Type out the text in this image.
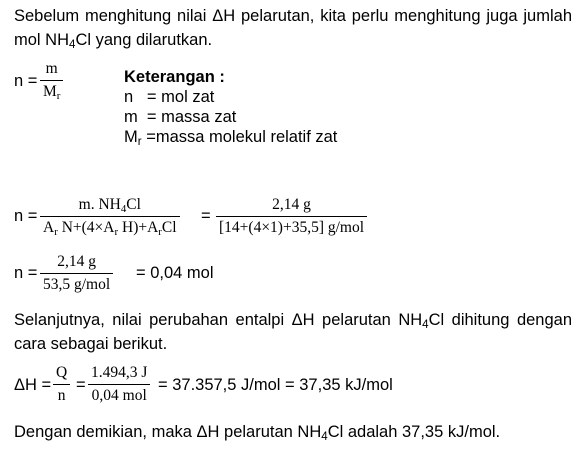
Sebelum menghitung nilai ΔH pelarutan, kita perlu menghitung juga jumlah
mol $NH_4Cl$ yang dilarutkan.
n =
m
$M_r$
Keterangan :
n   = mol zat
m  = massa zat
$M_r$ =massa molekul relatif zat
n =
m. $NH_4Cl$
$A_r$ $N+(4\times A_r$ $H)+A_rCl$
=
2,14 g
[14+(4×1)+35,5] g/mol
n =
2,14 g
53,5 g/mol
= 0,04 mol
Selanjutnya, nilai perubahan entalpi ΔH pelarutan $NH_4Cl$ dihitung dengan
cara sebagai berikut.
ΔH =
Q
n
=
1.494,3 J
0,04 mol
= 37.357,5 J/mol = 37,35 kJ/mol
Dengan demikian, maka ΔH pelarutan $NH_4Cl$ adalah 37,35 kJ/mol.
